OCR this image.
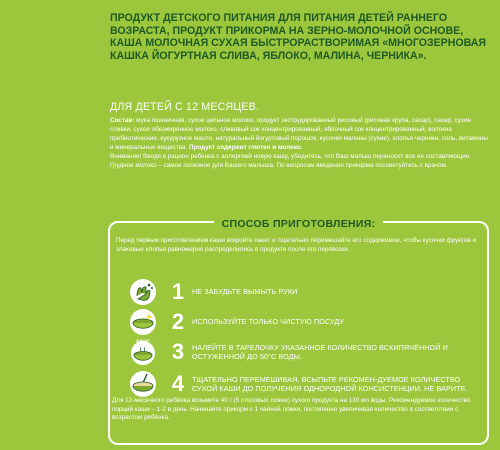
ПРОДУКТ ДЕТСКОГО ПИТАНИЯ ДЛЯ ПИТАНИЯ ДЕТЕЙ РАННЕГО ВОЗРАСТА, ПРОДУКТ ПРИКОРМА НА ЗЕРНО-МОЛОЧНОЙ ОСНОВЕ, КАША МОЛОЧНАЯ СУХАЯ БЫСТРОРАСТВОРИМАЯ «МНОГОЗЕРНОВАЯ КАШКА ЙОГУРТНАЯ СЛИВА, ЯБЛОКО, МАЛИНА, ЧЕРНИКА».
ДЛЯ ДЕТЕЙ С 12 МЕСЯЦЕВ.
Состав: мука пшеничная, сухое цельное молоко, продукт экструдированный рисовый (рисовая крупа, сахар), сахар, сухие сливки, сухое обезжиренное молоко, сливовый сок концентрированный, яблочный сок концентрированный, волокна пребиотические, кукурузное масло, натуральный йогуртовый порошок, кусочки малины (сухие), хлопья черники, соль, витамины и минеральные вещества. Продукт содержит глютен и молоко.
Внимание! Вводя в рацион ребенка с аллергией новую кашу, убедитесь, что Ваш малыш переносит все ее составляющие. Грудное молоко – самое полезное для Вашего малыша. По вопросам введения прикорма посоветуйтесь с врачом.
СПОСОБ ПРИГОТОВЛЕНИЯ:
Перед первым приготовлением каши вскройте пакет и тщательно перемешайте его содержимое, чтобы кусочки фруктов и злаковые хлопья равномерно распределились в продукте после его перевозки.
1	НЕ ЗАБУДЬТЕ ВЫМЫТЬ РУКИ
2	ИСПОЛЬЗУЙТЕ ТОЛЬКО ЧИСТУЮ ПОСУДУ
50°C 3	НАЛЕЙТЕ В ТАРЕЛОЧКУ УКАЗАННОЕ КОЛИЧЕСТВО ВСКИПЯЧЁННОЙ И ОСТУЖЕННОЙ ДО 50°С ВОДЫ.
4	ТЩАТЕЛЬНО ПЕРЕМЕШИВАЯ, ВСЫПЬТЕ РЕКОМЕН-ДУЕМОЕ КОЛИЧЕСТВО СУХОЙ КАШИ ДО ПОЛУЧЕНИЯ ОДНОРОДНОЙ КОНСИСТЕНЦИИ. НЕ ВАРИТЕ.
Для 12-месячного ребёнка возьмите 40 г (5 столовых ложек) сухого продукта на 130 мл воды. Рекомендуемое количество порций каши – 1-2 в день. Начинайте прикорм с 1 чайной ложки, постепенно увеличивая количество в соответствии с возрастом ребёнка.
